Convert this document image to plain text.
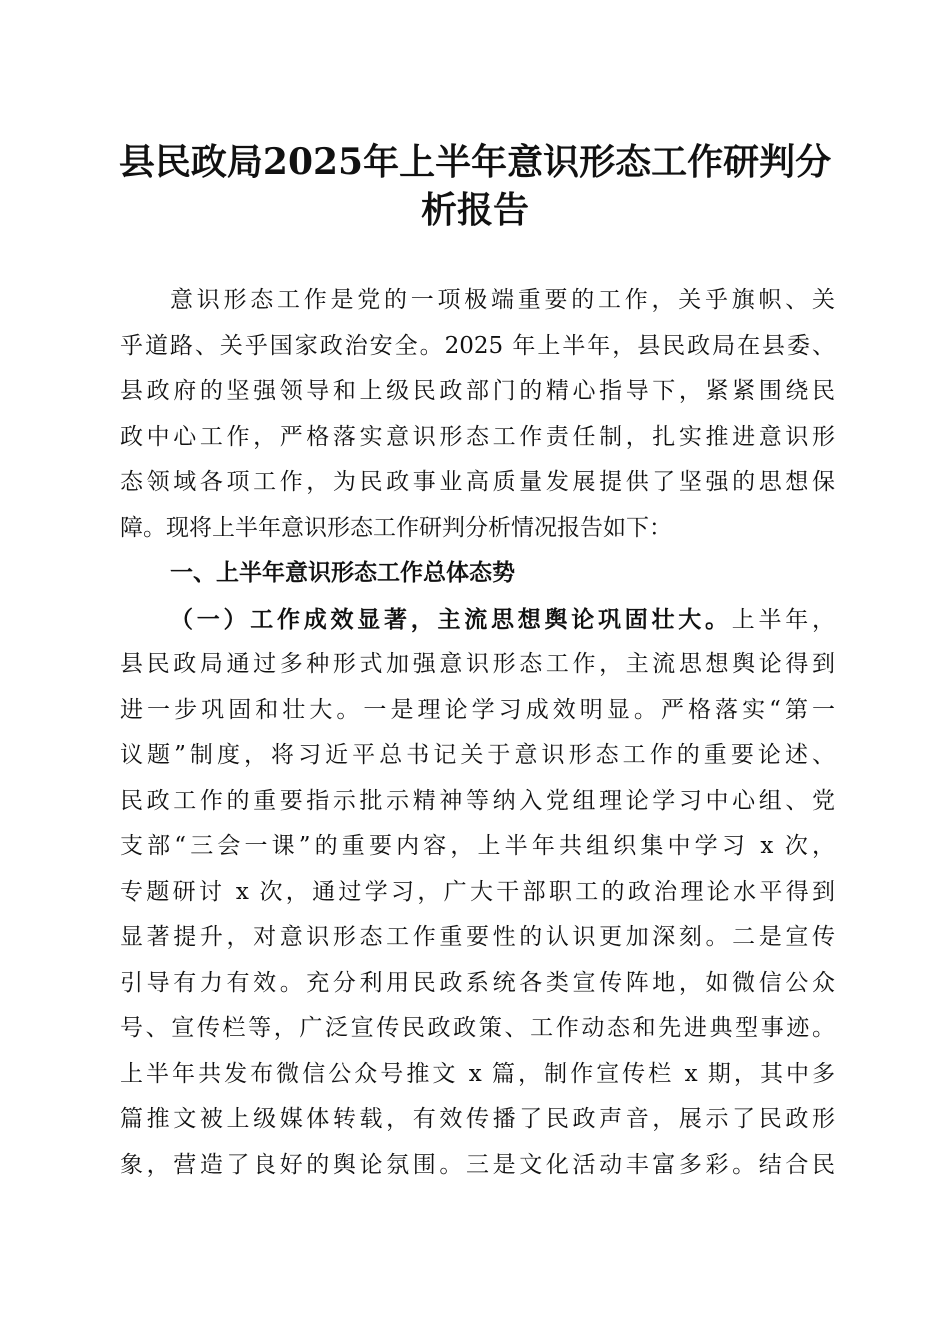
县民政局2025年上半年意识形态工作研判分
析报告
意识形态工作是党的一项极端重要的工作，关乎旗帜、关
乎道路、关乎国家政治安全。2025 年上半年，县民政局在县委、
县政府的坚强领导和上级民政部门的精心指导下，紧紧围绕民
政中心工作，严格落实意识形态工作责任制，扎实推进意识形
态领域各项工作，为民政事业高质量发展提供了坚强的思想保
障。现将上半年意识形态工作研判分析情况报告如下：
一、上半年意识形态工作总体态势
（一）工作成效显著，主流思想舆论巩固壮大。上半年，
县民政局通过多种形式加强意识形态工作，主流思想舆论得到
进一步巩固和壮大。一是理论学习成效明显。严格落实“第一
议题”制度，将习近平总书记关于意识形态工作的重要论述、
民政工作的重要指示批示精神等纳入党组理论学习中心组、党
支部“三会一课”的重要内容，上半年共组织集中学习 x 次，
专题研讨 x 次，通过学习，广大干部职工的政治理论水平得到
显著提升，对意识形态工作重要性的认识更加深刻。二是宣传
引导有力有效。充分利用民政系统各类宣传阵地，如微信公众
号、宣传栏等，广泛宣传民政政策、工作动态和先进典型事迹。
上半年共发布微信公众号推文 x 篇，制作宣传栏 x 期，其中多
篇推文被上级媒体转载，有效传播了民政声音，展示了民政形
象，营造了良好的舆论氛围。三是文化活动丰富多彩。结合民
